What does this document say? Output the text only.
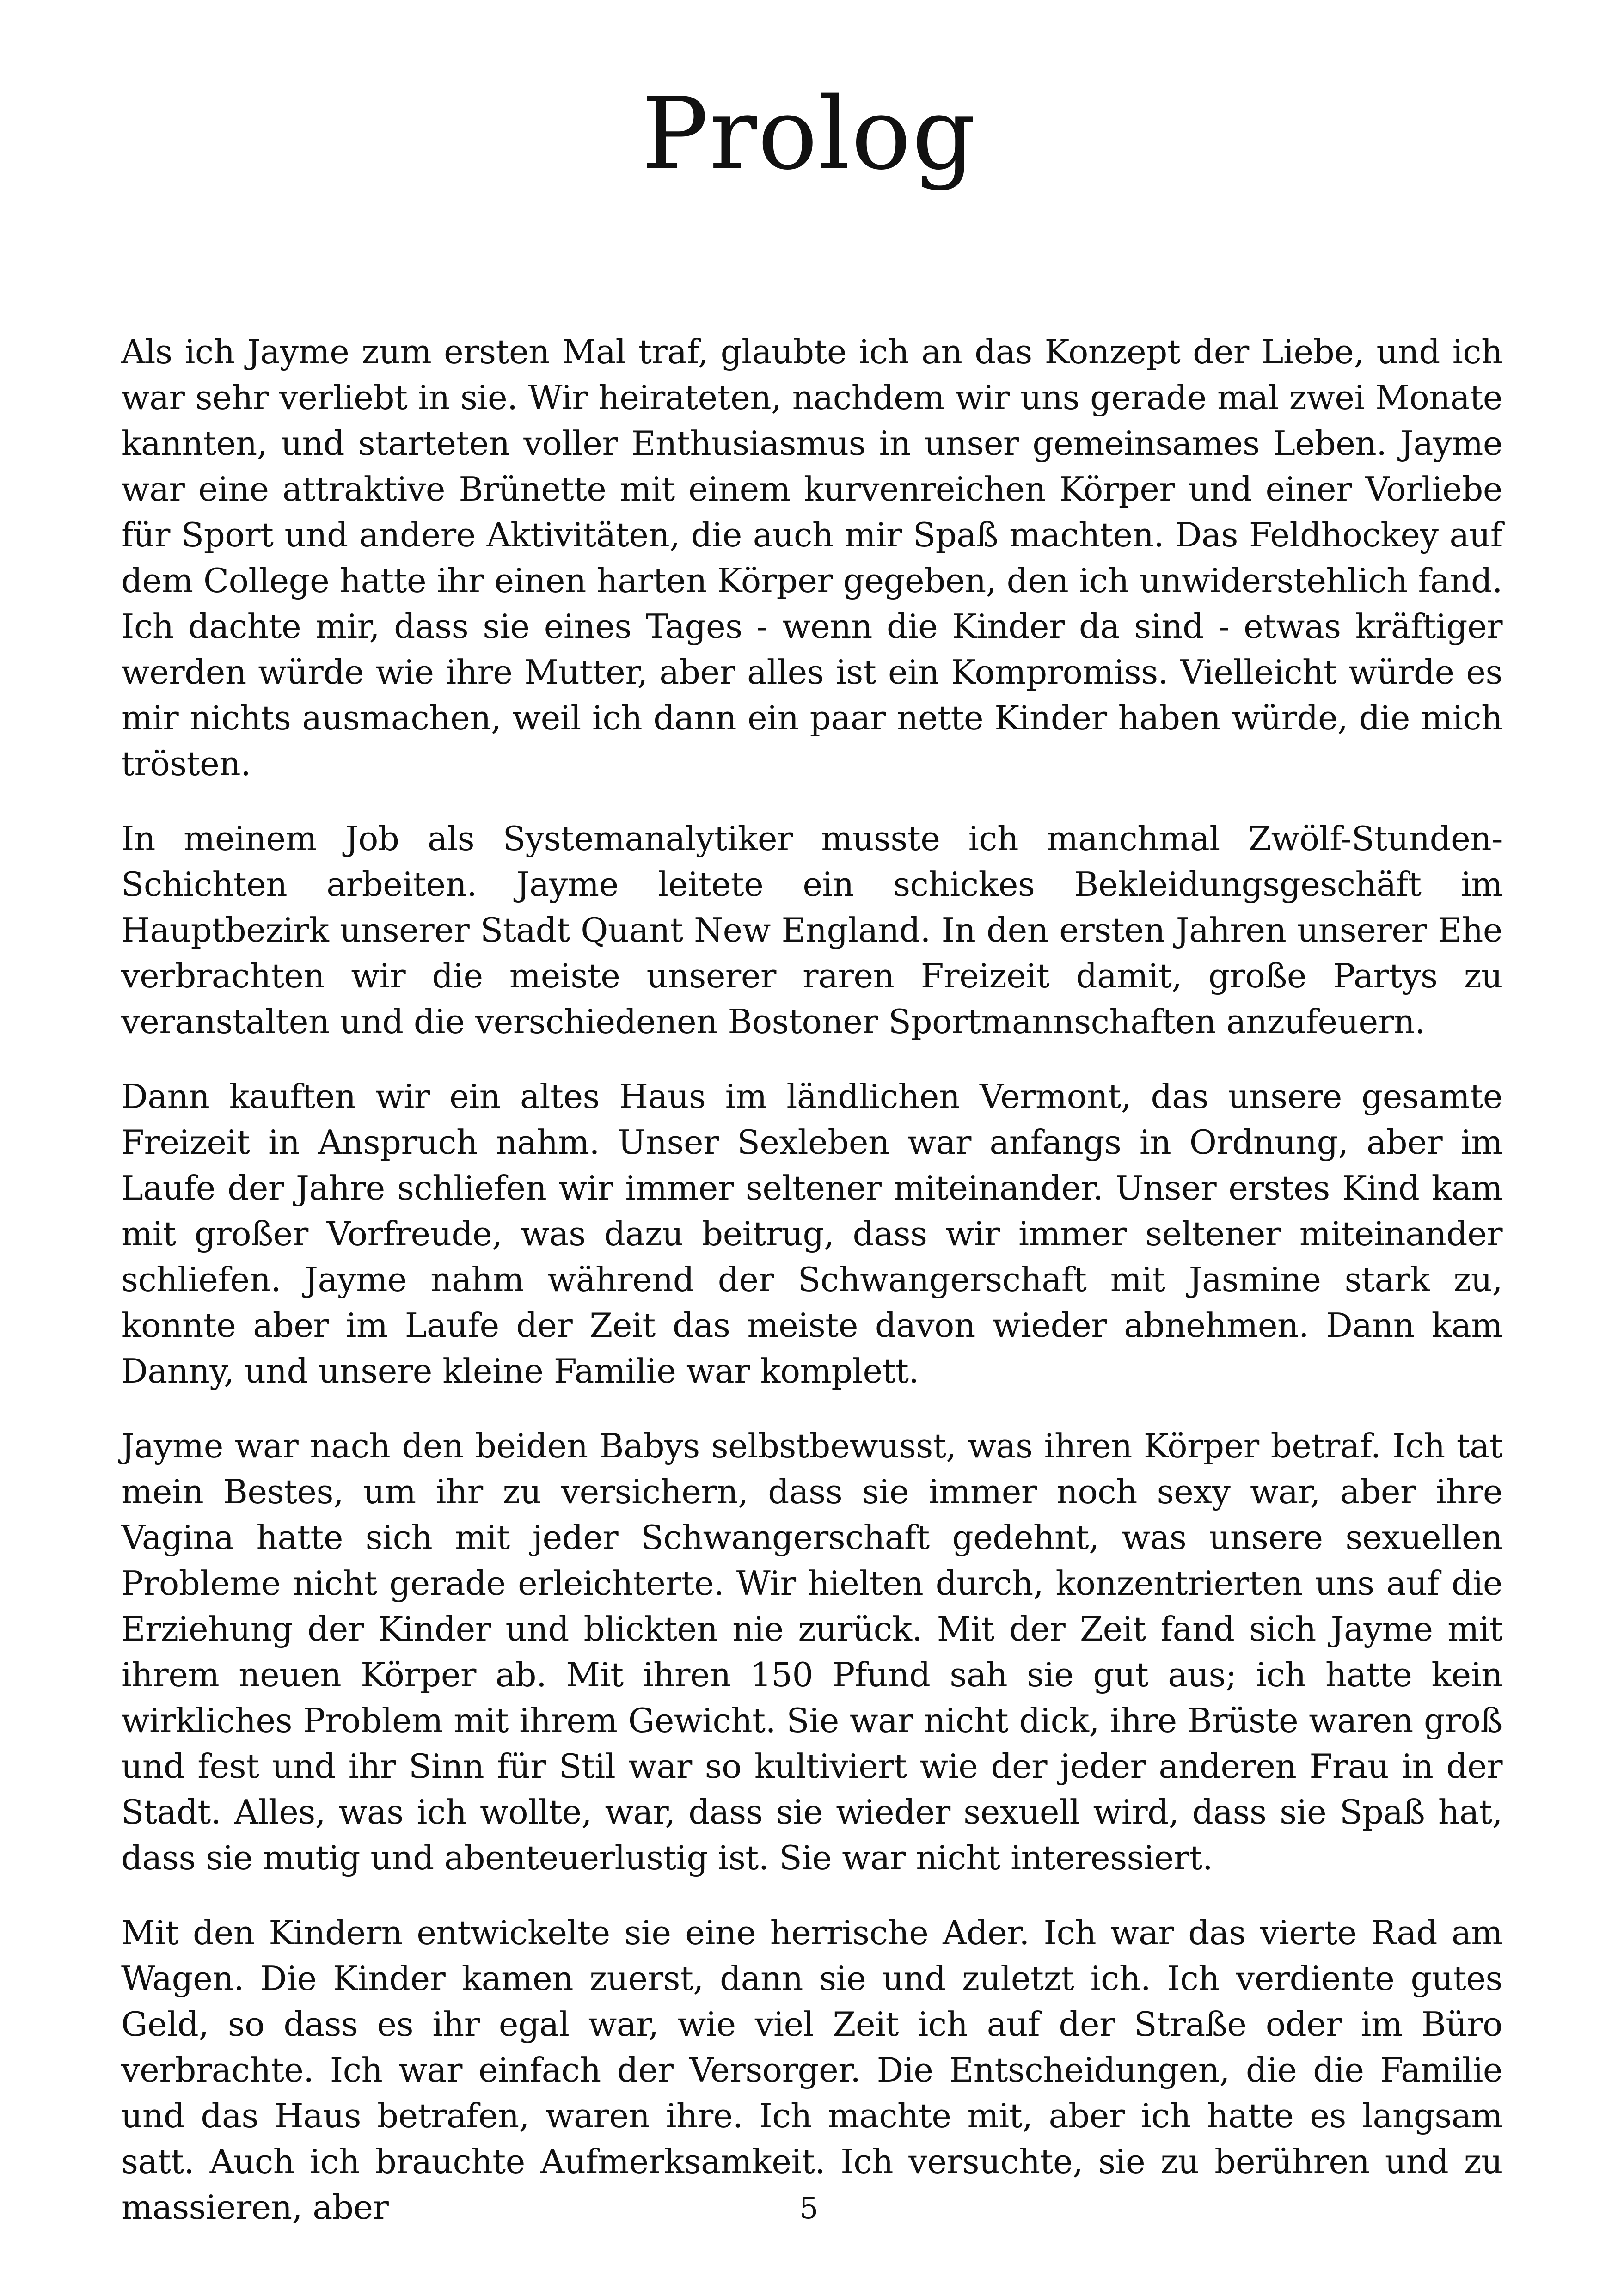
Prolog

Als ich Jayme zum ersten Mal traf, glaubte ich an das Konzept der Liebe, und ich war sehr verliebt in sie. Wir heirateten, nachdem wir uns gerade mal zwei Monate kannten, und starteten voller Enthusiasmus in unser gemeinsames Leben. Jayme war eine attraktive Brünette mit einem kurvenreichen Körper und einer Vorliebe für Sport und andere Aktivitäten, die auch mir Spaß machten. Das Feldhockey auf dem College hatte ihr einen harten Körper gegeben, den ich unwiderstehlich fand. Ich dachte mir, dass sie eines Tages - wenn die Kinder da sind - etwas kräftiger werden würde wie ihre Mutter, aber alles ist ein Kompromiss. Vielleicht würde es mir nichts ausmachen, weil ich dann ein paar nette Kinder haben würde, die mich trösten.

In meinem Job als Systemanalytiker musste ich manchmal Zwölf-Stunden-Schichten arbeiten. Jayme leitete ein schickes Bekleidungsgeschäft im Hauptbezirk unserer Stadt Quant New England. In den ersten Jahren unserer Ehe verbrachten wir die meiste unserer raren Freizeit damit, große Partys zu veranstalten und die verschiedenen Bostoner Sportmannschaften anzufeuern.

Dann kauften wir ein altes Haus im ländlichen Vermont, das unsere gesamte Freizeit in Anspruch nahm. Unser Sexleben war anfangs in Ordnung, aber im Laufe der Jahre schliefen wir immer seltener miteinander. Unser erstes Kind kam mit großer Vorfreude, was dazu beitrug, dass wir immer seltener miteinander schliefen. Jayme nahm während der Schwangerschaft mit Jasmine stark zu, konnte aber im Laufe der Zeit das meiste davon wieder abnehmen. Dann kam Danny, und unsere kleine Familie war komplett.

Jayme war nach den beiden Babys selbstbewusst, was ihren Körper betraf. Ich tat mein Bestes, um ihr zu versichern, dass sie immer noch sexy war, aber ihre Vagina hatte sich mit jeder Schwangerschaft gedehnt, was unsere sexuellen Probleme nicht gerade erleichterte. Wir hielten durch, konzentrierten uns auf die Erziehung der Kinder und blickten nie zurück. Mit der Zeit fand sich Jayme mit ihrem neuen Körper ab. Mit ihren 150 Pfund sah sie gut aus; ich hatte kein wirkliches Problem mit ihrem Gewicht. Sie war nicht dick, ihre Brüste waren groß und fest und ihr Sinn für Stil war so kultiviert wie der jeder anderen Frau in der Stadt. Alles, was ich wollte, war, dass sie wieder sexuell wird, dass sie Spaß hat, dass sie mutig und abenteuerlustig ist. Sie war nicht interessiert.

Mit den Kindern entwickelte sie eine herrische Ader. Ich war das vierte Rad am Wagen. Die Kinder kamen zuerst, dann sie und zuletzt ich. Ich verdiente gutes Geld, so dass es ihr egal war, wie viel Zeit ich auf der Straße oder im Büro verbrachte. Ich war einfach der Versorger. Die Entscheidungen, die die Familie und das Haus betrafen, waren ihre. Ich machte mit, aber ich hatte es langsam satt. Auch ich brauchte Aufmerksamkeit. Ich versuchte, sie zu berühren und zu massieren, aber	5
